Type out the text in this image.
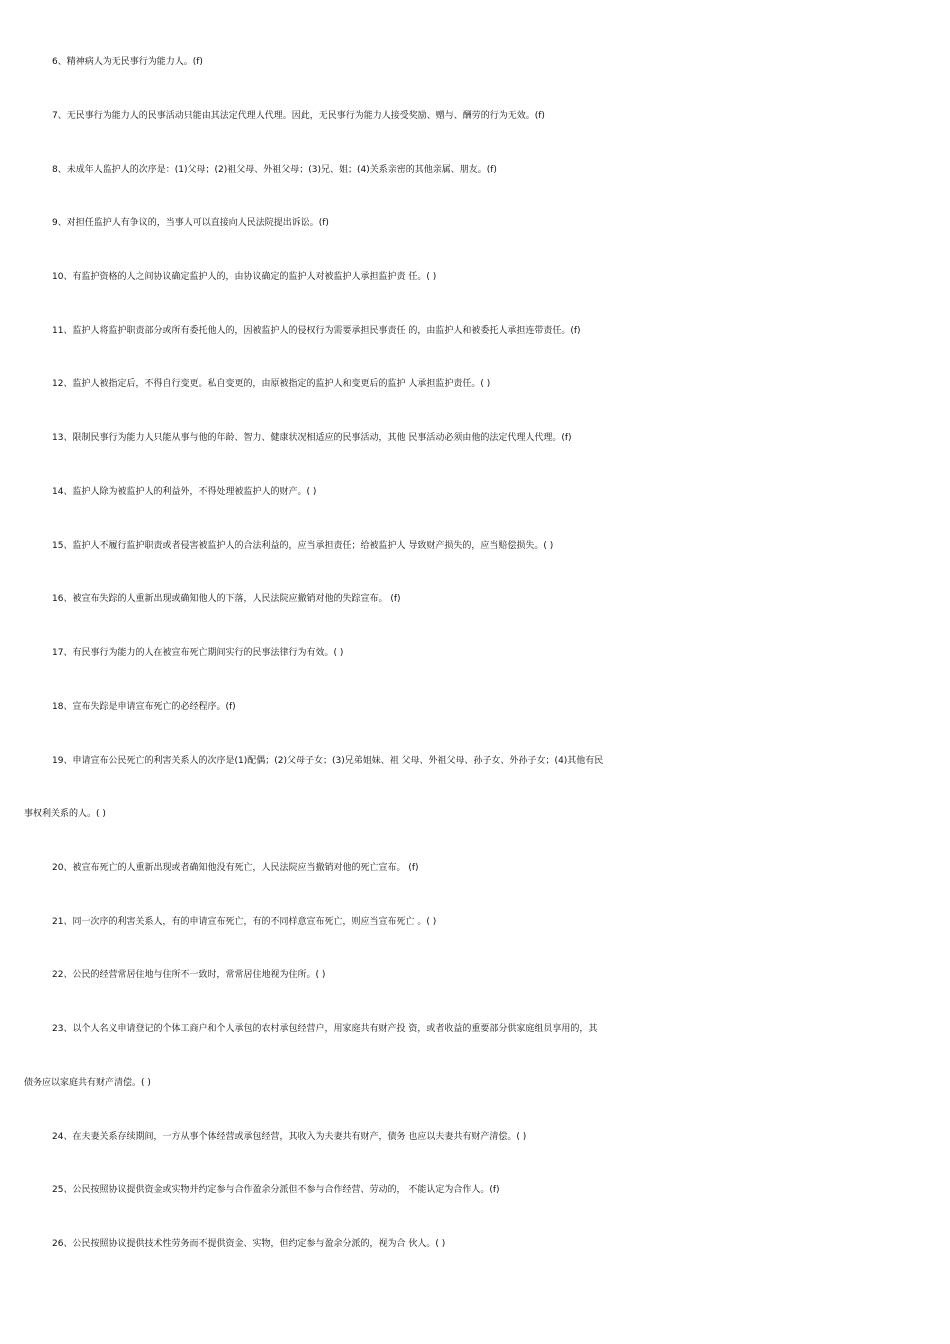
6、精神病人为无民事行为能力人。(f)
7、无民事行为能力人的民事活动只能由其法定代理人代理。因此，无民事行为能力人接受奖励、赠与、酬劳的行为无效。(f)
8、未成年人监护人的次序是：(1)父母；(2)祖父母、外祖父母；(3)兄、姐；(4)关系亲密的其他亲属、朋友。(f)
9、对担任监护人有争议的，当事人可以直接向人民法院提出诉讼。(f)
10、有监护资格的人之间协议确定监护人的，由协议确定的监护人对被监护人承担监护责 任。( )
11、监护人将监护职责部分或所有委托他人的，因被监护人的侵权行为需要承担民事责任 的，由监护人和被委托人承担连带责任。(f)
12、监护人被指定后，不得自行变更。私自变更的，由原被指定的监护人和变更后的监护 人承担监护责任。( )
13、限制民事行为能力人只能从事与他的年龄、智力、健康状况相适应的民事活动，其他 民事活动必须由他的法定代理人代理。(f)
14、监护人除为被监护人的利益外，不得处理被监护人的财产。( )
15、监护人不履行监护职责或者侵害被监护人的合法利益的，应当承担责任；给被监护人 导致财产损失的，应当赔偿损失。( )
16、被宣布失踪的人重新出现或确知他人的下落，人民法院应撤销对他的失踪宣布。 (f)
17、有民事行为能力的人在被宣布死亡期间实行的民事法律行为有效。( )
18、宣布失踪是申请宣布死亡的必经程序。(f)
19、申请宣布公民死亡的利害关系人的次序是(1)配偶；(2)父母子女；(3)兄弟姐妹、祖 父母、外祖父母、孙子女、外孙子女；(4)其他有民
事权利关系的人。( )
20、被宣布死亡的人重新出现或者确知他没有死亡，人民法院应当撤销对他的死亡宣布。 (f)
21、同一次序的利害关系人，有的申请宣布死亡，有的不同样意宣布死亡，则应当宣布死亡 。( )
22、公民的经营常居住地与住所不一致时，常常居住地视为住所。( )
23、以个人名义申请登记的个体工商户和个人承包的农村承包经营户，用家庭共有财产投 资，或者收益的重要部分供家庭组员享用的，其
债务应以家庭共有财产清偿。( )
24、在夫妻关系存续期间，一方从事个体经营或承包经营，其收入为夫妻共有财产，债务 也应以夫妻共有财产清偿。( )
25、公民按照协议提供资金或实物并约定参与合作盈余分派但不参与合作经营、劳动的， 不能认定为合作人。(f)
26、公民按照协议提供技术性劳务而不提供资金、实物，但约定参与盈余分派的，视为合 伙人。( )
